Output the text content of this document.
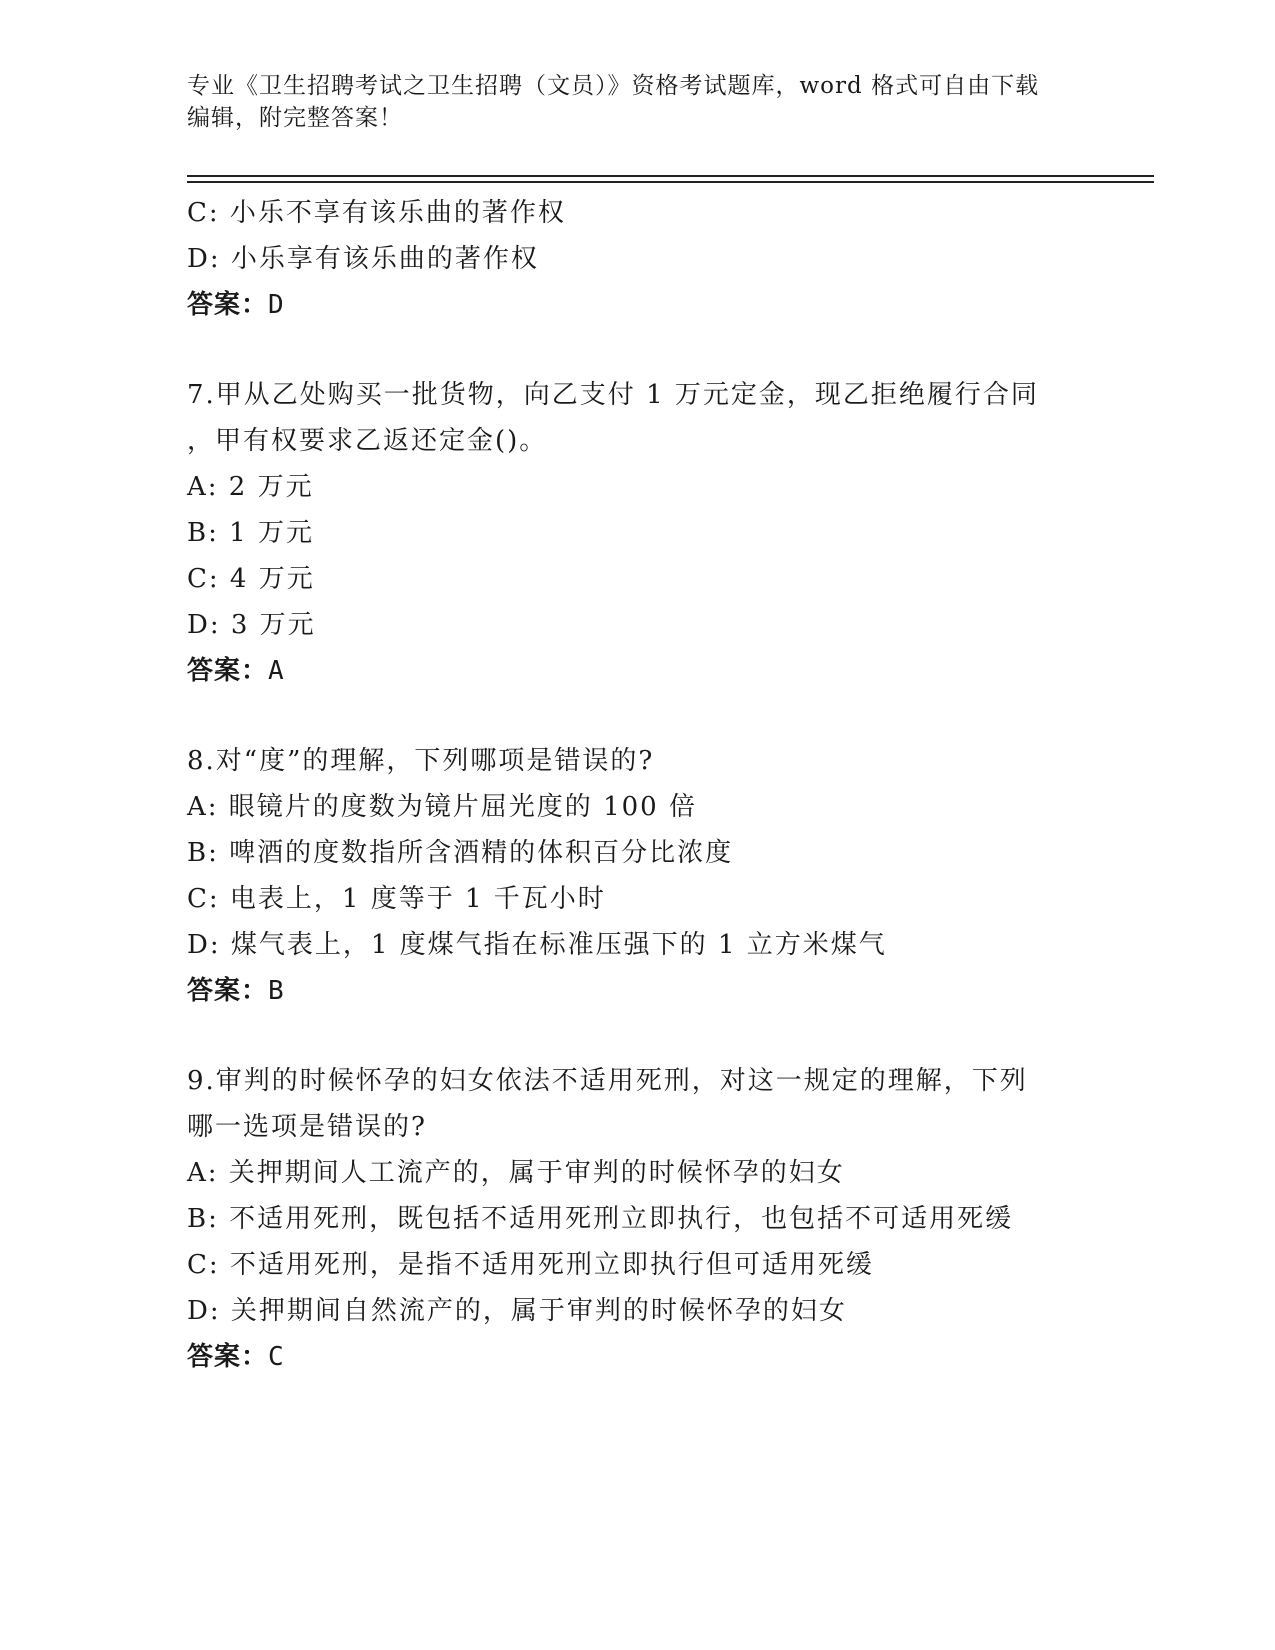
专业《卫生招聘考试之卫生招聘（文员）》资格考试题库，word 格式可自由下载
编辑，附完整答案！
C: 小乐不享有该乐曲的著作权
D: 小乐享有该乐曲的著作权
答案：D
7.甲从乙处购买一批货物，向乙支付 1 万元定金，现乙拒绝履行合同
，甲有权要求乙返还定金()。
A: 2 万元
B: 1 万元
C: 4 万元
D: 3 万元
答案：A
8.对“度”的理解，下列哪项是错误的?
A: 眼镜片的度数为镜片屈光度的 100 倍
B: 啤酒的度数指所含酒精的体积百分比浓度
C: 电表上，1 度等于 1 千瓦小时
D: 煤气表上，1 度煤气指在标准压强下的 1 立方米煤气
答案：B
9.审判的时候怀孕的妇女依法不适用死刑，对这一规定的理解，下列
哪一选项是错误的?
A: 关押期间人工流产的，属于审判的时候怀孕的妇女
B: 不适用死刑，既包括不适用死刑立即执行，也包括不可适用死缓
C: 不适用死刑，是指不适用死刑立即执行但可适用死缓
D: 关押期间自然流产的，属于审判的时候怀孕的妇女
答案：C
